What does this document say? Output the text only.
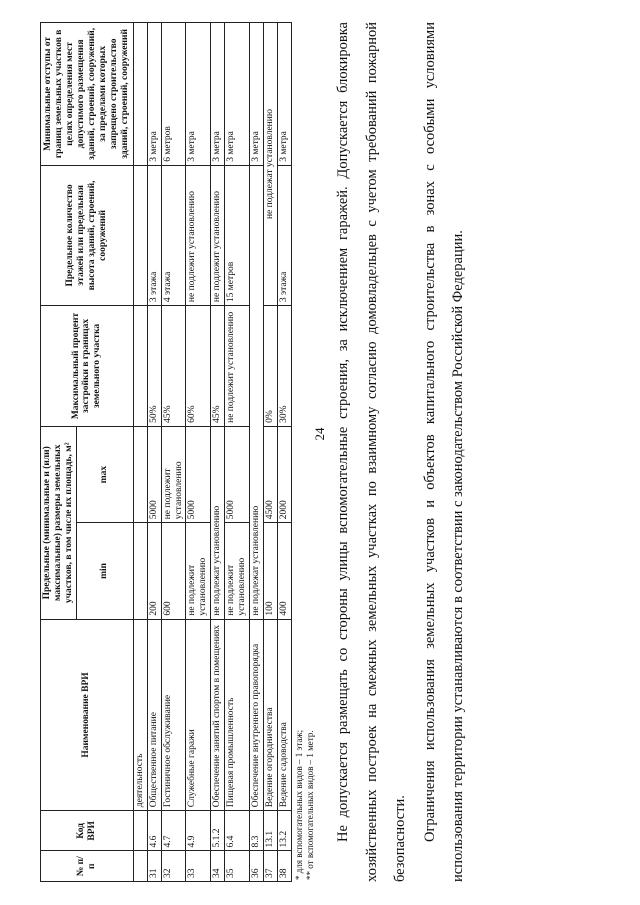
24
№ п/п	Код ВРИ	Наименование ВРИ	Предельные (минимальные и (или) максимальные) размеры земельных участков, в том числе их площадь, м²		Максимальный процент застройки в границах земельного участка	Предельное количество этажей или предельная высота зданий, строений, сооружений	Минимальные отступы от границ земельных участков в целях определения мест допустимого размещения зданий, строений, сооружений, за пределами которых запрещено строительство зданий, строений, сооружений
			min	max			
		деятельность					
31	4.6	Общественное питание	200	5000	50%	3 этажа	3 метра
32	4.7	Гостиничное обслуживание	600	не подлежит установлению	45%	4 этажа	6 метров
33	4.9	Служебные гаражи	не подлежит установлению	5000	60%	не подлежит установлению	3 метра
34	5.1.2	Обеспечение занятий спортом в помещениях	не подлежат установлению		45%	не подлежит установлению	3 метра
35	6.4	Пищевая промышленность	не подлежит установлению	5000	не подлежит установлению	15 метров	3 метра
36	8.3	Обеспечение внутреннего правопорядка	не подлежат установлению				3 метра
37	13.1	Ведение огородничества	100	4500	0%	не подлежат установлению	
38	13.2	Ведение садоводства	400	2000	30%	3 этажа	3 метра
* для вспомогательных видов – 1 этаж; ** от вспомогательных видов – 1 метр.	Не допускается размещать со стороны улицы вспомогательные строения, за исключением гаражей. Допускается блокировка хозяйственных построек на смежных земельных участках по взаимному согласию домовладельцев с учетом требований пожарной безопасности. Ограничения использования земельных участков и объектов капитального строительства в зонах с особыми условиями использования территории устанавливаются в соответствии с законодательством Российской Федерации.
